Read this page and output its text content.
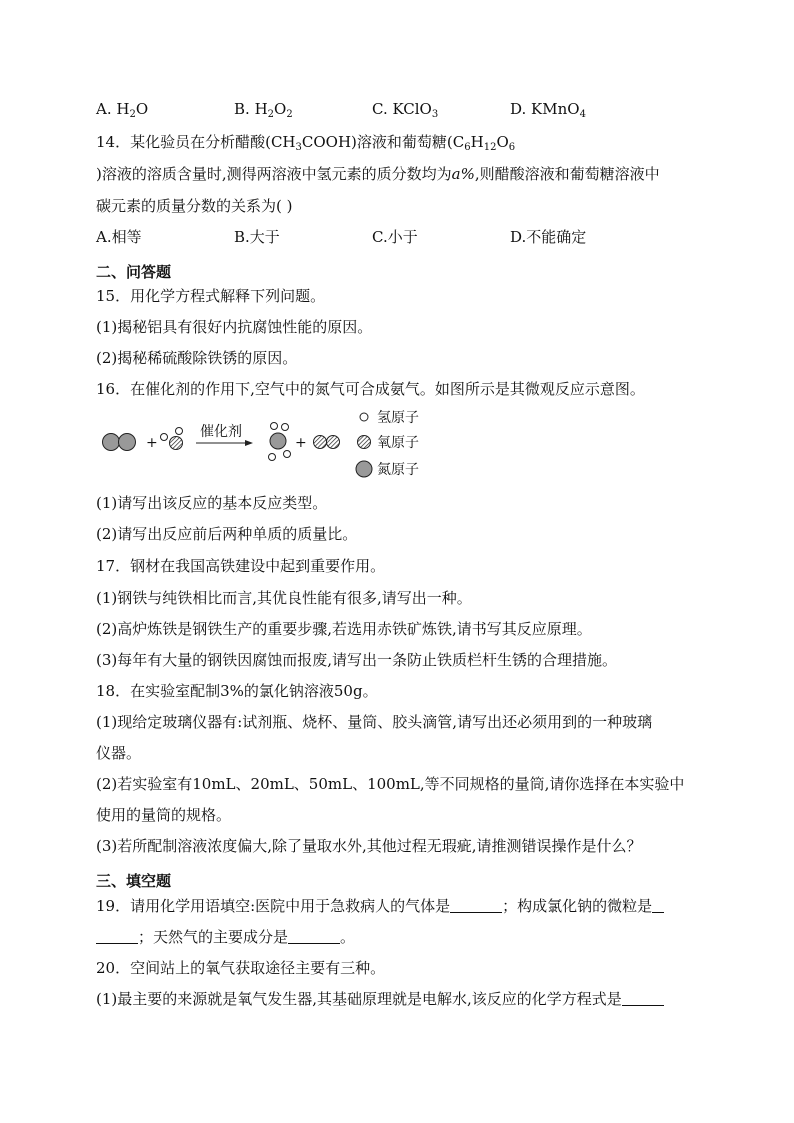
A. $H_2O$	B. $H_2O_2$	C. KClO$_3$	D. KMnO$_4$
14．某化验员在分析醋酸$(CH_3COOH)$溶液和葡萄糖($C_6H_{12}O_6$
)溶液的溶质含量时,测得两溶液中氢元素的质分数均为a%,则醋酸溶液和葡萄糖溶液中
碳元素的质量分数的关系为( )
A.相等	B.大于	C.小于	D.不能确定
二、问答题
15．用化学方程式解释下列问题。
(1)揭秘铝具有很好内抗腐蚀性能的原因。
(2)揭秘稀硫酸除铁锈的原因。
16．在催化剂的作用下,空气中的氮气可合成氨气。如图所示是其微观反应示意图。
+
催化剂
+
氢原子
氧原子
氮原子
(1)请写出该反应的基本反应类型。
(2)请写出反应前后两种单质的质量比。
17．钢材在我国高铁建设中起到重要作用。
(1)钢铁与纯铁相比而言,其优良性能有很多,请写出一种。
(2)高炉炼铁是钢铁生产的重要步骤,若选用赤铁矿炼铁,请书写其反应原理。
(3)每年有大量的钢铁因腐蚀而报废,请写出一条防止铁质栏杆生锈的合理措施。
18．在实验室配制3%的氯化钠溶液50g。
(1)现给定玻璃仪器有:试剂瓶、烧杯、量筒、胶头滴管,请写出还必须用到的一种玻璃
仪器。
(2)若实验室有10mL、20mL、50mL、100mL,等不同规格的量筒,请你选择在本实验中
使用的量筒的规格。
(3)若所配制溶液浓度偏大,除了量取水外,其他过程无瑕疵,请推测错误操作是什么？
三、填空题
19．请用化学用语填空:医院中用于急救病人的气体是	；构成氯化钠的微粒是
；天然气的主要成分是	。
20．空间站上的氧气获取途径主要有三种。
(1)最主要的来源就是氧气发生器,其基础原理就是电解水,该反应的化学方程式是
